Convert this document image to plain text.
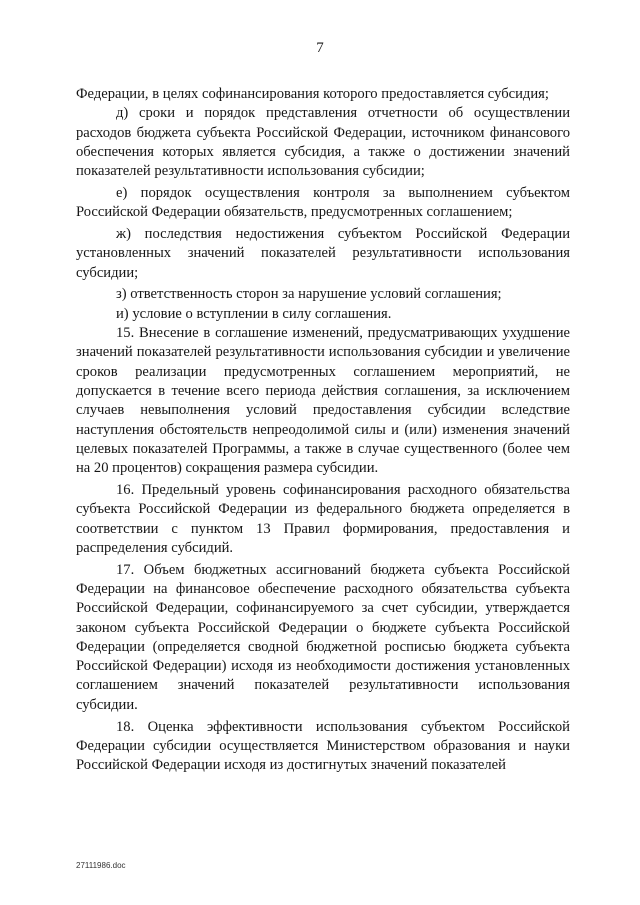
7

Федерации, в целях софинансирования которого предоставляется субсидия;

д) сроки и порядок представления отчетности об осуществлении расходов бюджета субъекта Российской Федерации, источником финансового обеспечения которых является субсидия, а также о достижении значений показателей результативности использования субсидии;

е) порядок осуществления контроля за выполнением субъектом Российской Федерации обязательств, предусмотренных соглашением;

ж) последствия недостижения субъектом Российской Федерации установленных значений показателей результативности использования субсидии;

з) ответственность сторон за нарушение условий соглашения;

и) условие о вступлении в силу соглашения.

15. Внесение в соглашение изменений, предусматривающих ухудшение значений показателей результативности использования субсидии и увеличение сроков реализации предусмотренных соглашением мероприятий, не допускается в течение всего периода действия соглашения, за исключением случаев невыполнения условий предоставления субсидии вследствие наступления обстоятельств непреодолимой силы и (или) изменения значений целевых показателей Программы, а также в случае существенного (более чем на 20 процентов) сокращения размера субсидии.

16. Предельный уровень софинансирования расходного обязательства субъекта Российской Федерации из федерального бюджета определяется в соответствии с пунктом 13 Правил формирования, предоставления и распределения субсидий.

17. Объем бюджетных ассигнований бюджета субъекта Российской Федерации на финансовое обеспечение расходного обязательства субъекта Российской Федерации, софинансируемого за счет субсидии, утверждается законом субъекта Российской Федерации о бюджете субъекта Российской Федерации (определяется сводной бюджетной росписью бюджета субъекта Российской Федерации) исходя из необходимости достижения установленных соглашением значений показателей результативности использования субсидии.

18. Оценка эффективности использования субъектом Российской Федерации субсидии осуществляется Министерством образования и науки Российской Федерации исходя из достигнутых значений показателей

27111986.doc
